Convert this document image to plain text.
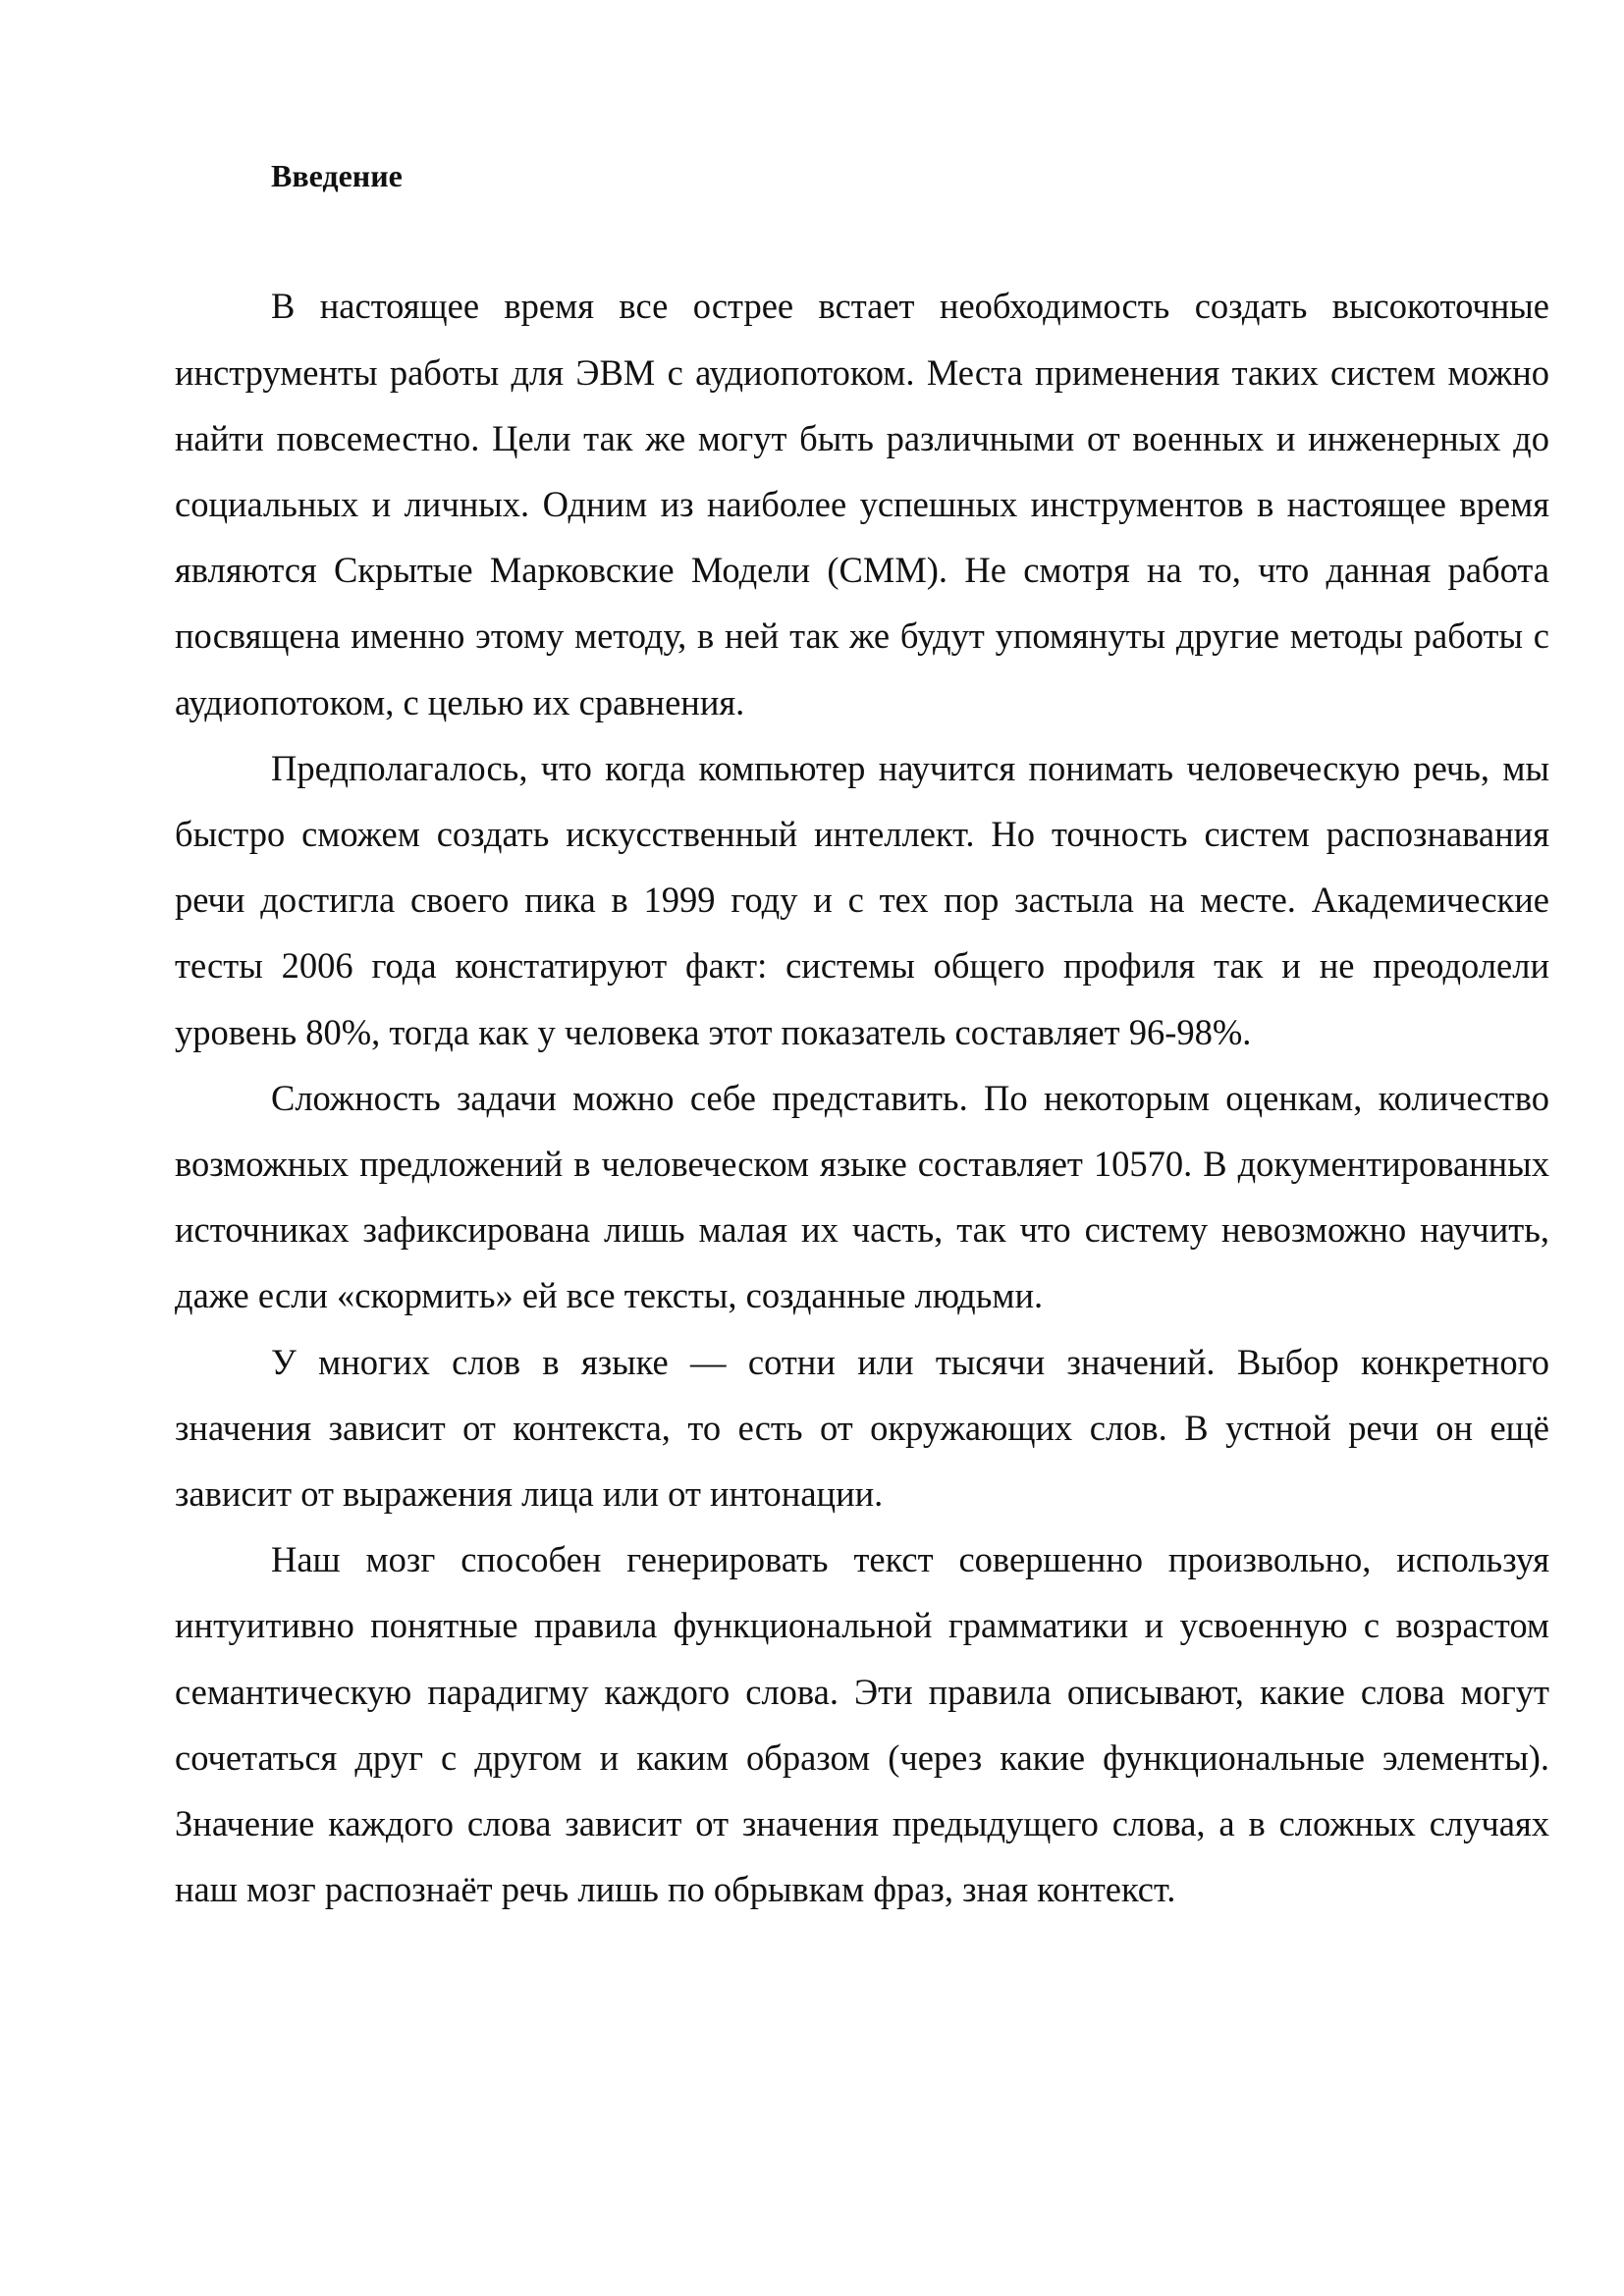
Введение

В настоящее время все острее встает необходимость создать высокоточные инструменты работы для ЭВМ с аудиопотоком. Места применения таких систем можно найти повсеместно. Цели так же могут быть различными от военных и инженерных до социальных и личных. Одним из наиболее успешных инструментов в настоящее время являются Скрытые Марковские Модели (СММ). Не смотря на то, что данная работа посвящена именно этому методу, в ней так же будут упомянуты другие методы работы с аудиопотоком, с целью их сравнения.

Предполагалось, что когда компьютер научится понимать человеческую речь, мы быстро сможем создать искусственный интеллект. Но точность систем распознавания речи достигла своего пика в 1999 году и с тех пор застыла на месте. Академические тесты 2006 года констатируют факт: системы общего профиля так и не преодолели уровень 80%, тогда как у человека этот показатель составляет 96-98%.

Сложность задачи можно себе представить. По некоторым оценкам, количество возможных предложений в человеческом языке составляет 10570. В документированных источниках зафиксирована лишь малая их часть, так что систему невозможно научить, даже если «скормить» ей все тексты, созданные людьми.

У многих слов в языке — сотни или тысячи значений. Выбор конкретного значения зависит от контекста, то есть от окружающих слов. В устной речи он ещё зависит от выражения лица или от интонации.

Наш мозг способен генерировать текст совершенно произвольно, используя интуитивно понятные правила функциональной грамматики и усвоенную с возрастом семантическую парадигму каждого слова. Эти правила описывают, какие слова могут сочетаться друг с другом и каким образом (через какие функциональные элементы). Значение каждого слова зависит от значения предыдущего слова, а в сложных случаях наш мозг распознаёт речь лишь по обрывкам фраз, зная контекст.
